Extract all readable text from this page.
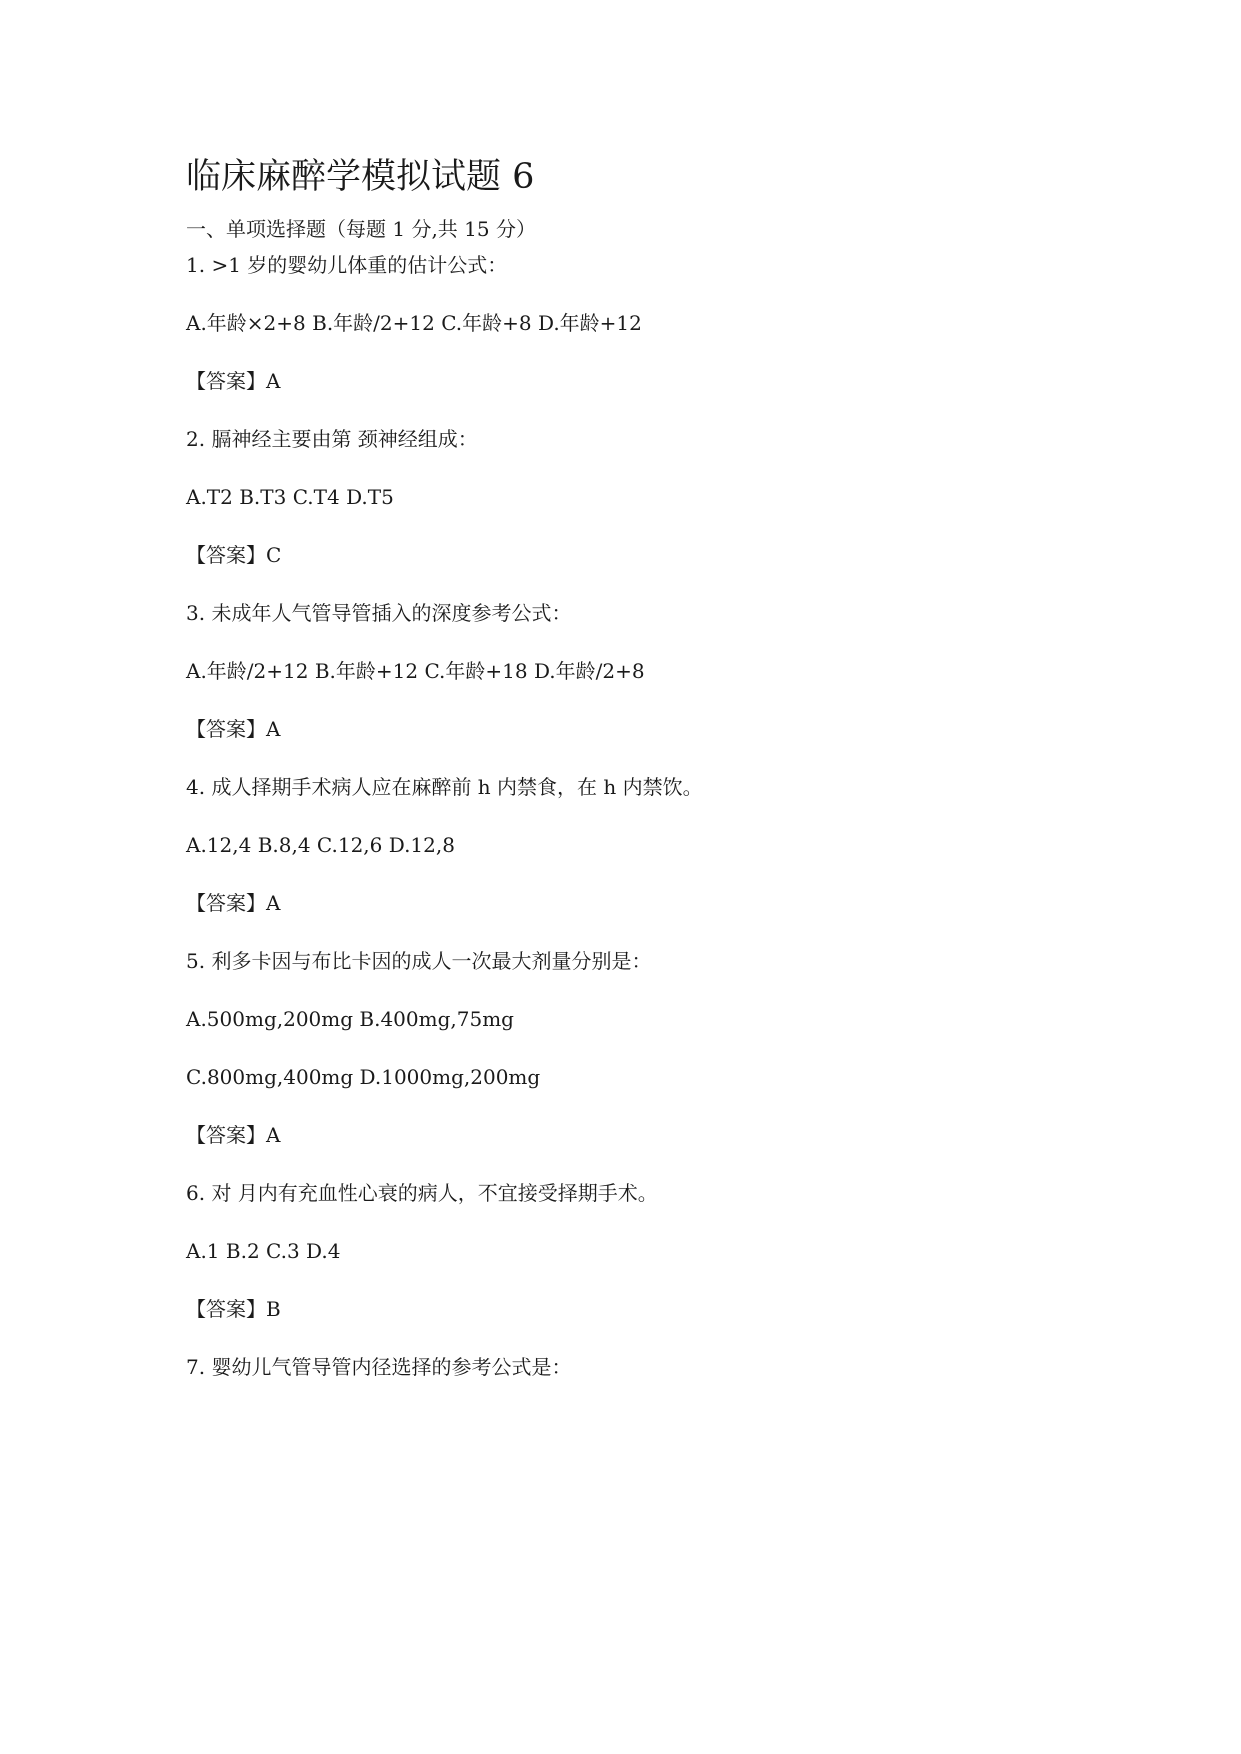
临床麻醉学模拟试题 6
一、单项选择题（每题 1 分,共 15 分）
1. >1 岁的婴幼儿体重的估计公式：
A.年龄×2+8 B.年龄/2+12 C.年龄+8 D.年龄+12
【答案】A
2. 膈神经主要由第 颈神经组成：
A.T2 B.T3 C.T4 D.T5
【答案】C
3. 未成年人气管导管插入的深度参考公式：
A.年龄/2+12 B.年龄+12 C.年龄+18 D.年龄/2+8
【答案】A
4. 成人择期手术病人应在麻醉前 h 内禁食，在 h 内禁饮。
A.12,4 B.8,4 C.12,6 D.12,8
【答案】A
5. 利多卡因与布比卡因的成人一次最大剂量分别是：
A.500mg,200mg B.400mg,75mg
C.800mg,400mg D.1000mg,200mg
【答案】A
6. 对 月内有充血性心衰的病人，不宜接受择期手术。
A.1 B.2 C.3 D.4
【答案】B
7. 婴幼儿气管导管内径选择的参考公式是：
